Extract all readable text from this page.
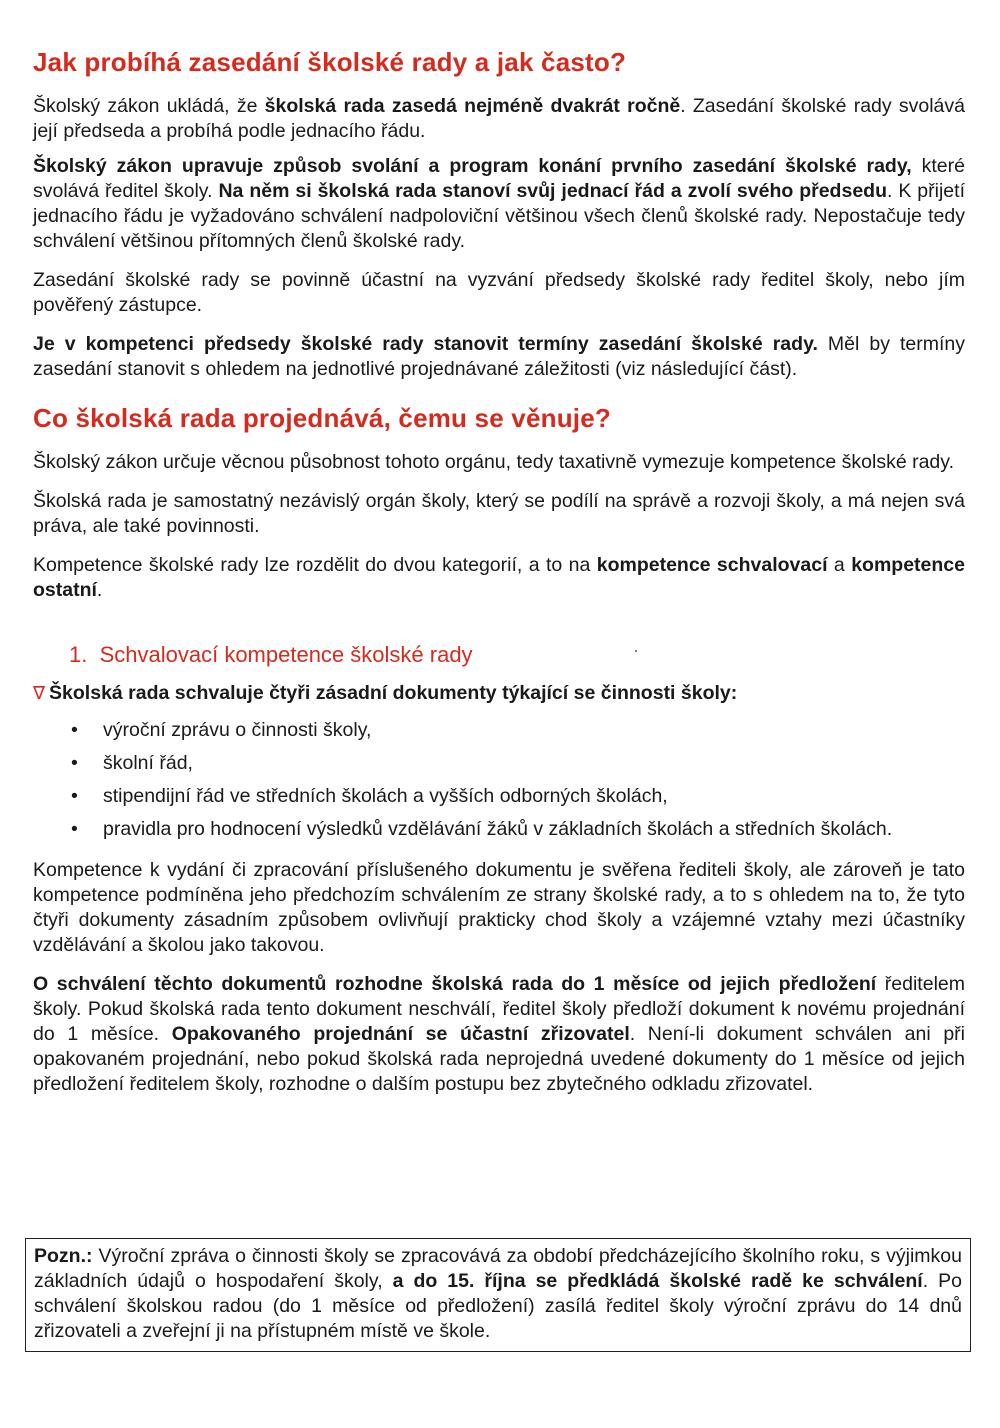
Jak probíhá zasedání školské rady a jak často?

Školský zákon ukládá, že školská rada zasedá nejméně dvakrát ročně. Zasedání školské rady svolává její předseda a probíhá podle jednacího řádu.

Školský zákon upravuje způsob svolání a program konání prvního zasedání školské rady, které svolává ředitel školy. Na něm si školská rada stanoví svůj jednací řád a zvolí svého předsedu. K přijetí jednacího řádu je vyžadováno schválení nadpoloviční většinou všech členů školské rady. Nepostačuje tedy schválení většinou přítomných členů školské rady.

Zasedání školské rady se povinně účastní na vyzvání předsedy školské rady ředitel školy, nebo jím pověřený zástupce.

Je v kompetenci předsedy školské rady stanovit termíny zasedání školské rady. Měl by termíny zasedání stanovit s ohledem na jednotlivé projednávané záležitosti (viz následující část).

Co školská rada projednává, čemu se věnuje?

Školský zákon určuje věcnou působnost tohoto orgánu, tedy taxativně vymezuje kompetence školské rady.

Školská rada je samostatný nezávislý orgán školy, který se podílí na správě a rozvoji školy, a má nejen svá práva, ale také povinnosti.

Kompetence školské rady lze rozdělit do dvou kategorií, a to na kompetence schvalovací a kompetence ostatní.

1. Schvalovací kompetence školské rady
∇ Školská rada schvaluje čtyři zásadní dokumenty týkající se činnosti školy:
• výroční zprávu o činnosti školy,
• školní řád,
• stipendijní řád ve středních školách a vyšších odborných školách,
• pravidla pro hodnocení výsledků vzdělávání žáků v základních školách a středních školách.

Kompetence k vydání či zpracování příslušeného dokumentu je svěřena řediteli školy, ale zároveň je tato kompetence podmíněna jeho předchozím schválením ze strany školské rady, a to s ohledem na to, že tyto čtyři dokumenty zásadním způsobem ovlivňují prakticky chod školy a vzájemné vztahy mezi účastníky vzdělávání a školou jako takovou.

O schválení těchto dokumentů rozhodne školská rada do 1 měsíce od jejich předložení ředitelem školy. Pokud školská rada tento dokument neschválí, ředitel školy předloží dokument k novému projednání do 1 měsíce. Opakovaného projednání se účastní zřizovatel. Není-li dokument schválen ani při opakovaném projednání, nebo pokud školská rada neprojedná uvedené dokumenty do 1 měsíce od jejich předložení ředitelem školy, rozhodne o dalším postupu bez zbytečného odkladu zřizovatel.

Pozn.: Výroční zpráva o činnosti školy se zpracovává za období předcházejícího školního roku, s výjimkou základních údajů o hospodaření školy, a do 15. října se předkládá školské radě ke schválení. Po schválení školskou radou (do 1 měsíce od předložení) zasílá ředitel školy výroční zprávu do 14 dnů zřizovateli a zveřejní ji na přístupném místě ve škole.
